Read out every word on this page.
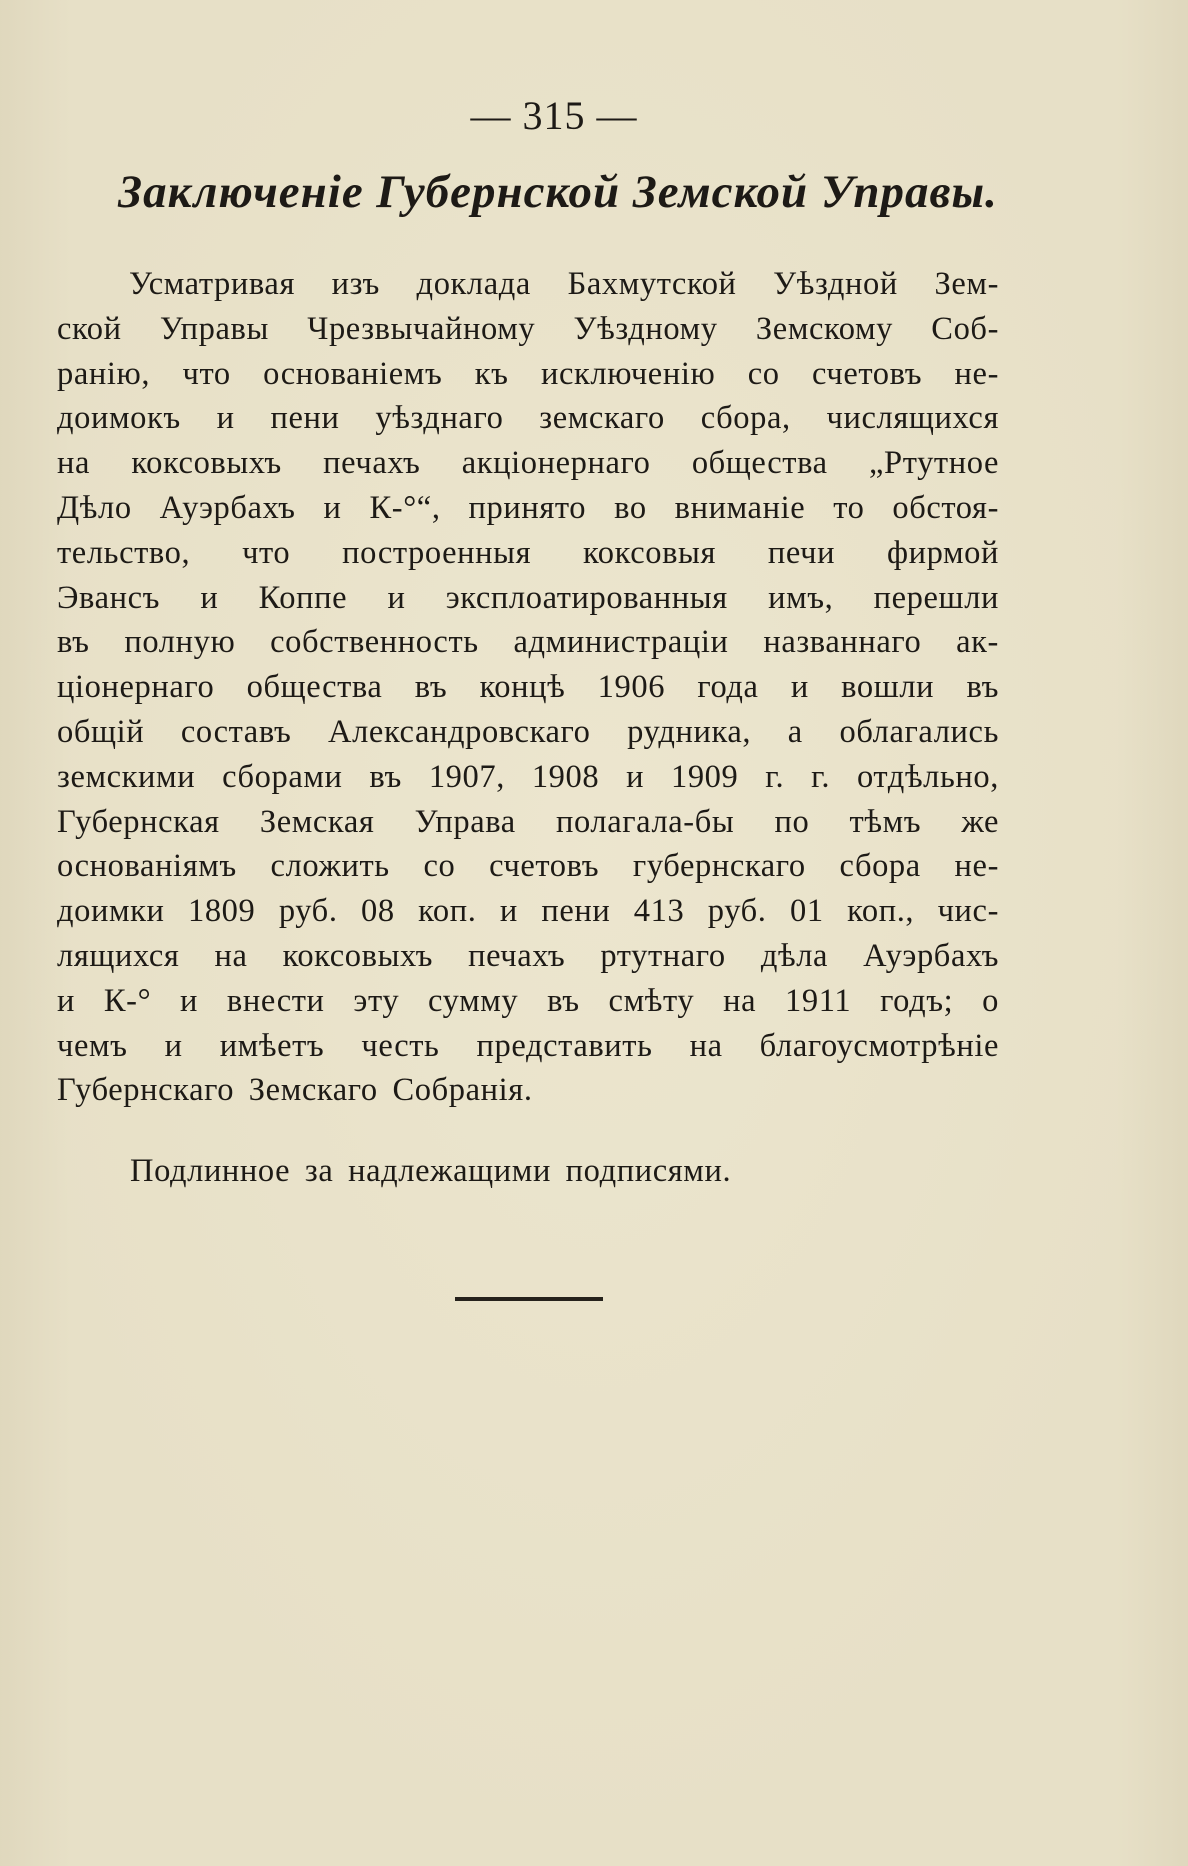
— 315 —
Заключеніе Губернской Земской Управы.
Усматривая изъ доклада Бахмутской Уѣздной Зем-
ской Управы Чрезвычайному Уѣздному Земскому Соб-
ранію, что основаніемъ къ исключенію со счетовъ не-
доимокъ и пени уѣзднаго земскаго сбора, числящихся
на коксовыхъ печахъ акціонернаго общества „Ртутное
Дѣло Ауэрбахъ и К-°“, принято во вниманіе то обстоя-
тельство, что построенныя коксовыя печи фирмой
Эвансъ и Коппе и эксплоатированныя имъ, перешли
въ полную собственность администраціи названнаго ак-
ціонернаго общества въ концѣ 1906 года и вошли въ
общій составъ Александровскаго рудника, а облагались
земскими сборами въ 1907, 1908 и 1909 г. г. отдѣльно,
Губернская Земская Управа полагала-бы по тѣмъ же
основаніямъ сложить со счетовъ губернскаго сбора не-
доимки 1809 руб. 08 коп. и пени 413 руб. 01 коп., чис-
лящихся на коксовыхъ печахъ ртутнаго дѣла Ауэрбахъ
и К-° и внести эту сумму въ смѣту на 1911 годъ; о
чемъ и имѣетъ честь представить на благоусмотрѣніе
Губернскаго Земскаго Собранія.
Подлинное за надлежащими подписями.
